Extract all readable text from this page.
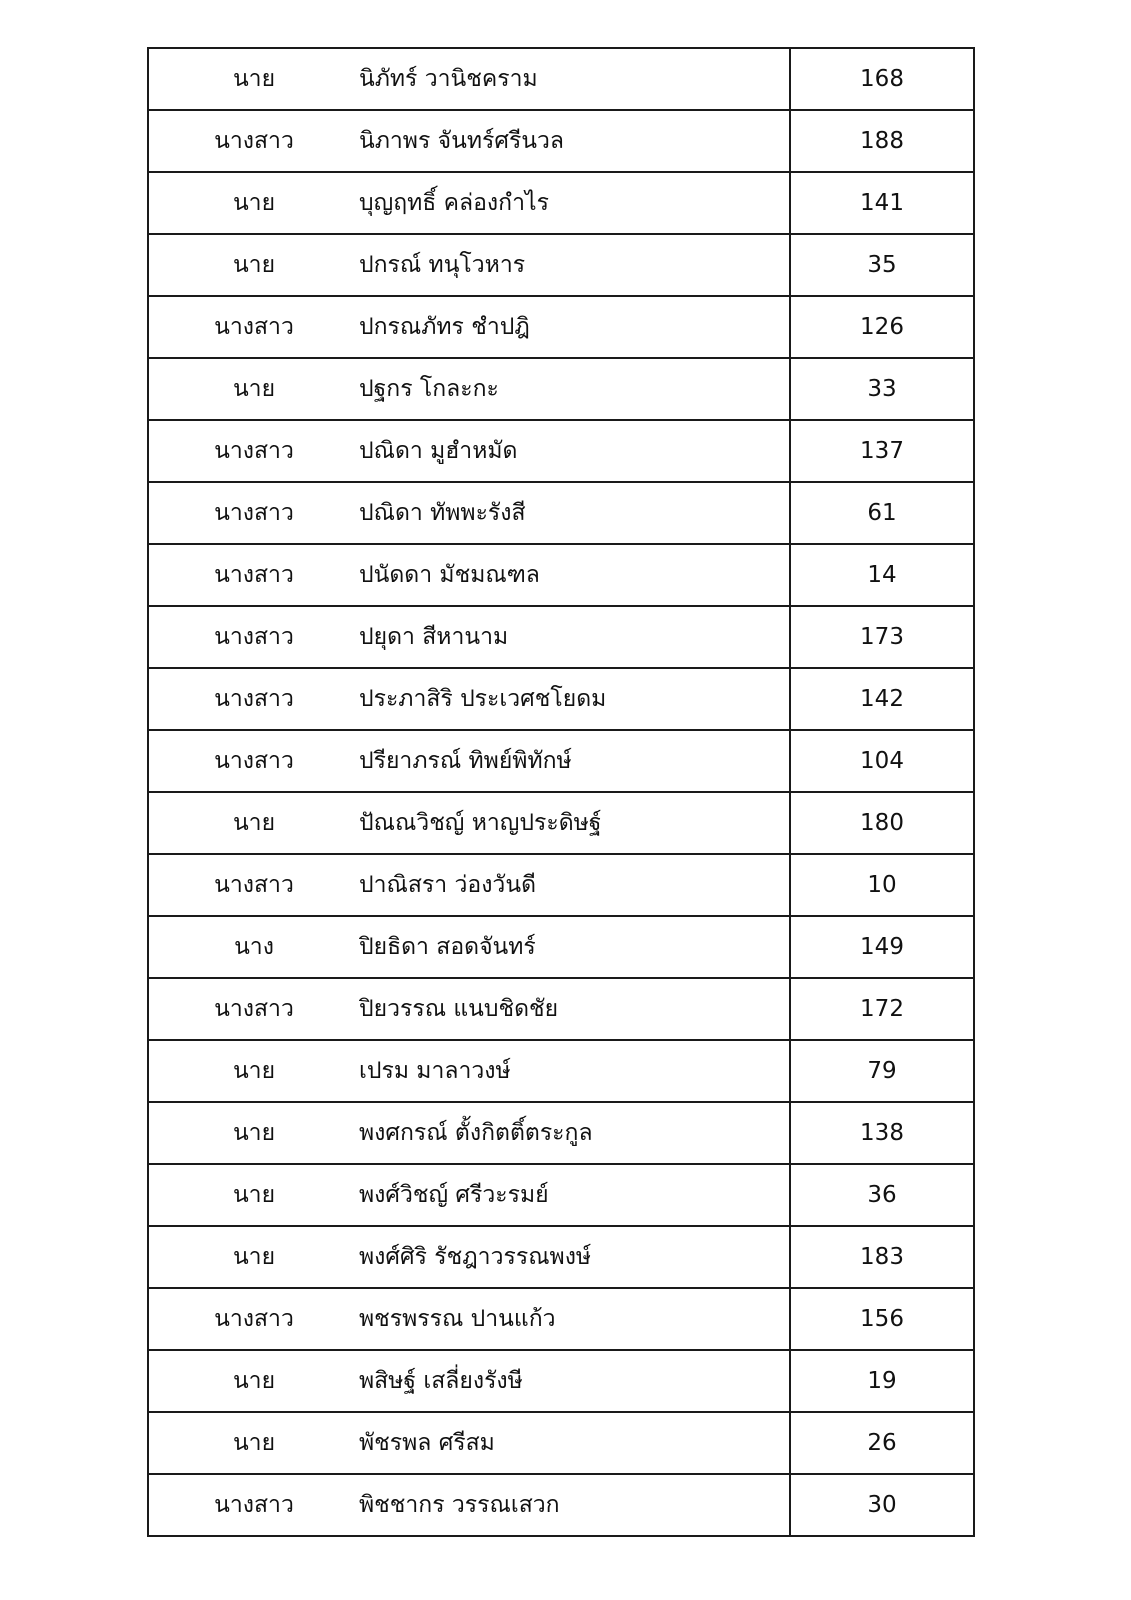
นาย	นิภัทร์ วานิชคราม	168
นางสาว	นิภาพร จันทร์ศรีนวล	188
นาย	บุญฤทธิ์ คล่องกำไร	141
นาย	ปกรณ์ ทนุโวหาร	35
นางสาว	ปกรณภัทร ชำปฎิ	126
นาย	ปฐกร โกละกะ	33
นางสาว	ปณิดา มูฮำหมัด	137
นางสาว	ปณิดา ทัพพะรังสี	61
นางสาว	ปนัดดา มัชมณฑล	14
นางสาว	ปยุดา สีหานาม	173
นางสาว	ประภาสิริ ประเวศชโยดม	142
นางสาว	ปรียาภรณ์ ทิพย์พิทักษ์	104
นาย	ปัณณวิชญ์ หาญประดิษฐ์	180
นางสาว	ปาณิสรา ว่องวันดี	10
นาง	ปิยธิดา สอดจันทร์	149
นางสาว	ปิยวรรณ แนบชิดชัย	172
นาย	เปรม มาลาวงษ์	79
นาย	พงศกรณ์ ตั้งกิตติ์ตระกูล	138
นาย	พงศ์วิชญ์ ศรีวะรมย์	36
นาย	พงศ์ศิริ รัชฎาวรรณพงษ์	183
นางสาว	พชรพรรณ ปานแก้ว	156
นาย	พสิษฐ์ เสลี่ยงรังษี	19
นาย	พัชรพล ศรีสม	26
นางสาว	พิชชากร วรรณเสวก	30
